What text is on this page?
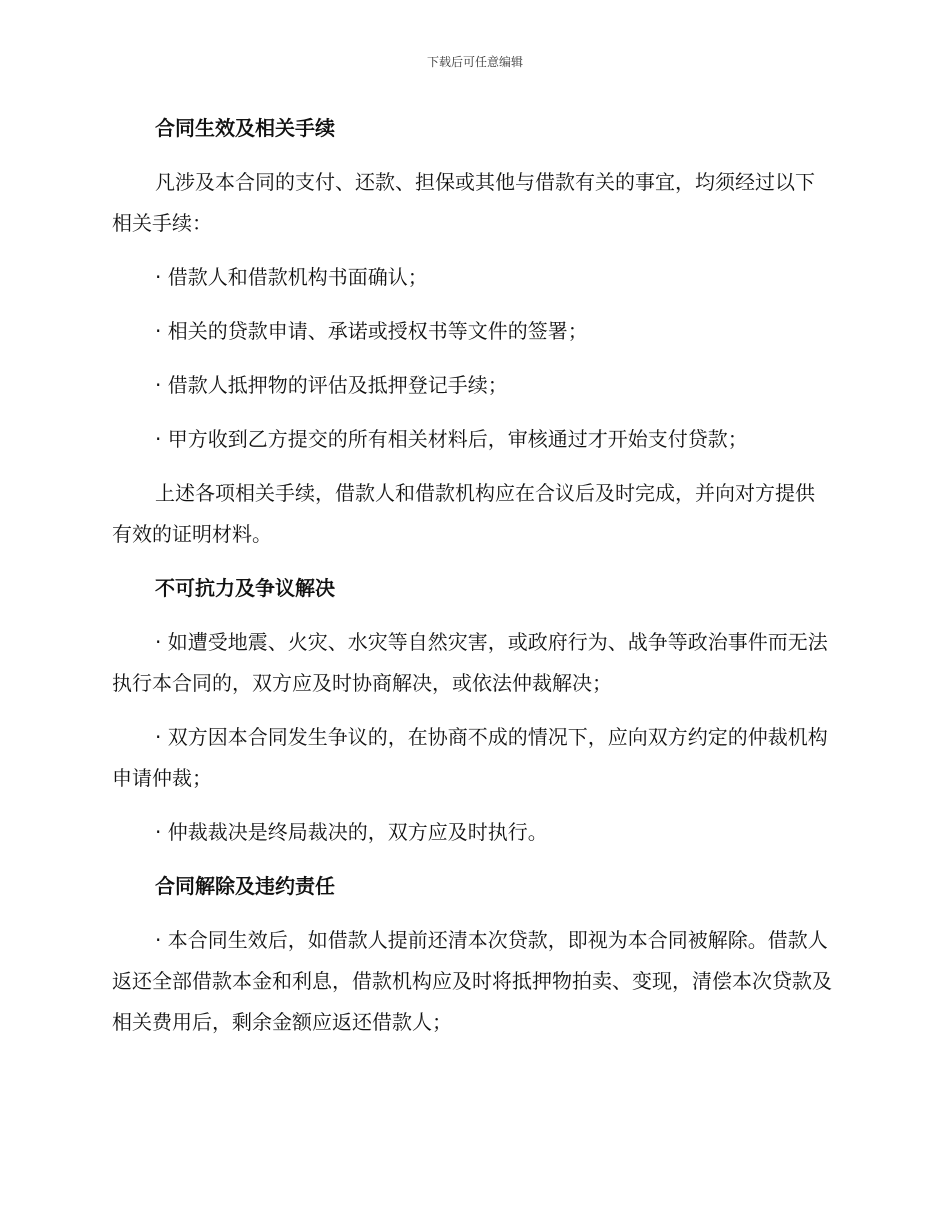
下载后可任意编辑

合同生效及相关手续

凡涉及本合同的支付、还款、担保或其他与借款有关的事宜，均须经过以下相关手续：

· 借款人和借款机构书面确认；

· 相关的贷款申请、承诺或授权书等文件的签署；

· 借款人抵押物的评估及抵押登记手续；

· 甲方收到乙方提交的所有相关材料后，审核通过才开始支付贷款；

上述各项相关手续，借款人和借款机构应在合议后及时完成，并向对方提供有效的证明材料。

不可抗力及争议解决

· 如遭受地震、火灾、水灾等自然灾害，或政府行为、战争等政治事件而无法执行本合同的，双方应及时协商解决，或依法仲裁解决；

· 双方因本合同发生争议的，在协商不成的情况下，应向双方约定的仲裁机构申请仲裁；

· 仲裁裁决是终局裁决的，双方应及时执行。

合同解除及违约责任

· 本合同生效后，如借款人提前还清本次贷款，即视为本合同被解除。借款人返还全部借款本金和利息，借款机构应及时将抵押物拍卖、变现，清偿本次贷款及相关费用后，剩余金额应返还借款人；
